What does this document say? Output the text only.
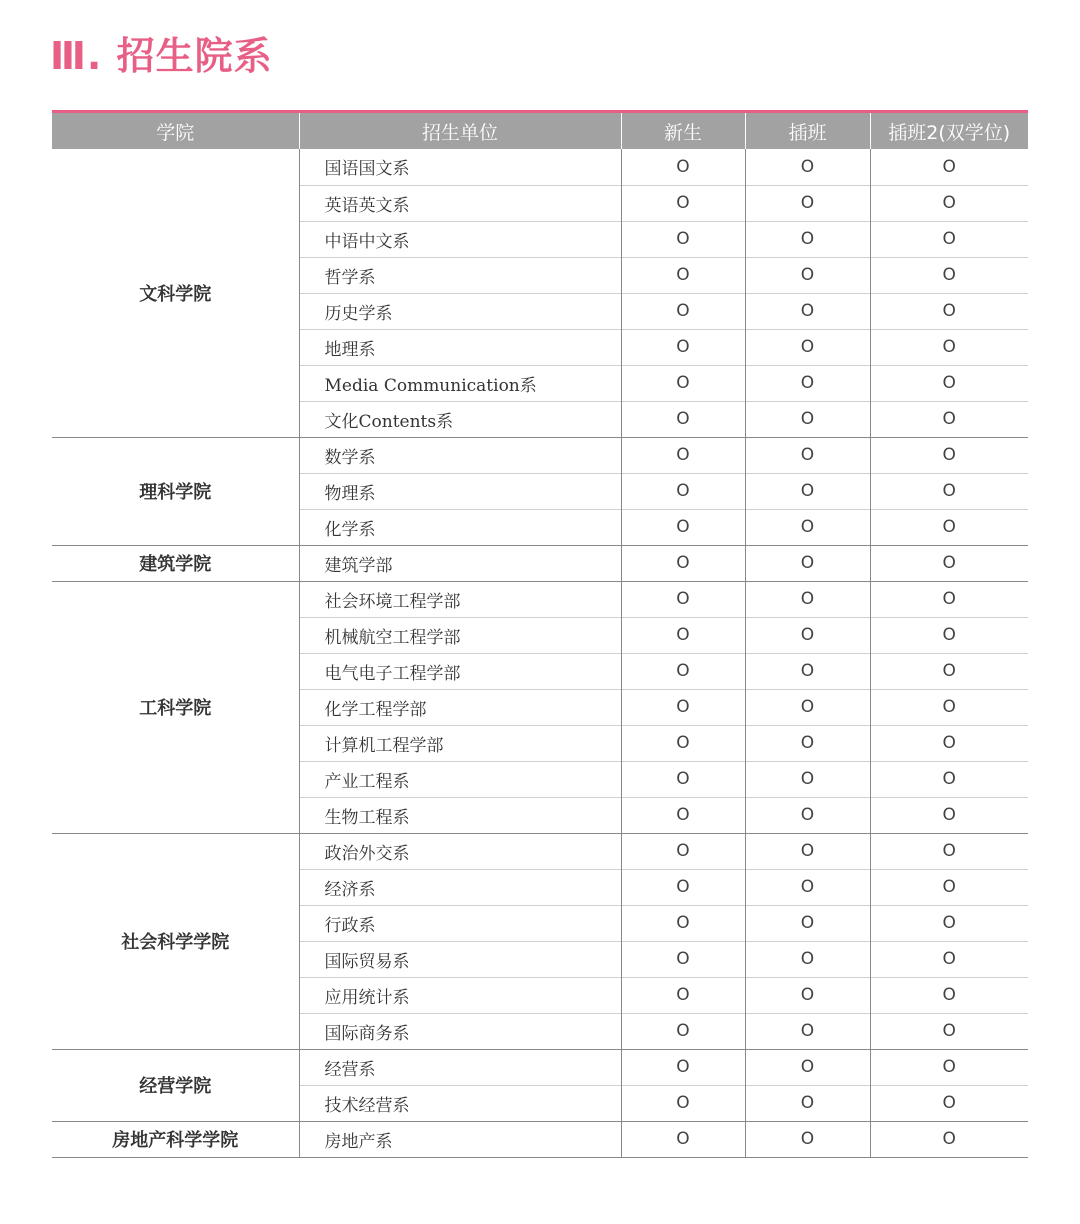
Ⅲ. 招生院系
学院	招生单位	新生	插班	插班2(双学位)
文科学院	国语国文系	O	O	O
	英语英文系	O	O	O
	中语中文系	O	O	O
	哲学系	O	O	O
	历史学系	O	O	O
	地理系	O	O	O
	Media Communication系	O	O	O
	文化Contents系	O	O	O
理科学院	数学系	O	O	O
	物理系	O	O	O
	化学系	O	O	O
建筑学院	建筑学部	O	O	O
工科学院	社会环境工程学部	O	O	O
	机械航空工程学部	O	O	O
	电气电子工程学部	O	O	O
	化学工程学部	O	O	O
	计算机工程学部	O	O	O
	产业工程系	O	O	O
	生物工程系	O	O	O
社会科学学院	政治外交系	O	O	O
	经济系	O	O	O
	行政系	O	O	O
	国际贸易系	O	O	O
	应用统计系	O	O	O
	国际商务系	O	O	O
经营学院	经营系	O	O	O
	技术经营系	O	O	O
房地产科学学院	房地产系	O	O	O
